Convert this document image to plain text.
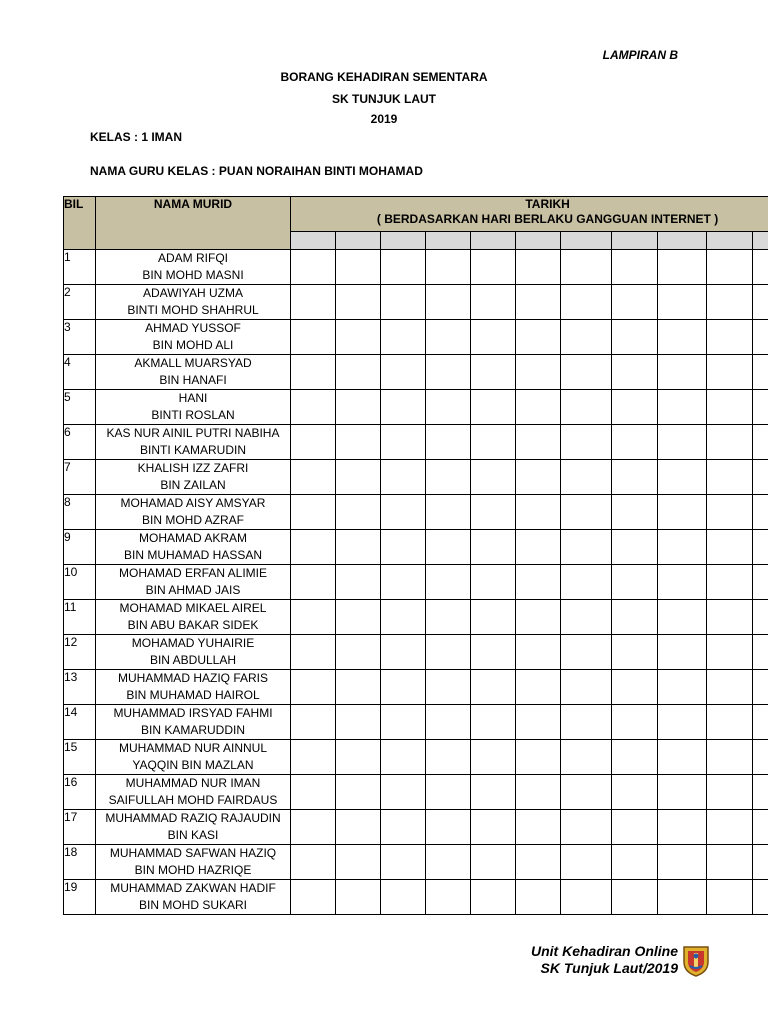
LAMPIRAN B
BORANG KEHADIRAN SEMENTARA
SK TUNJUK LAUT
2019
KELAS : 1 IMAN
NAMA GURU KELAS : PUAN NORAIHAN BINTI MOHAMAD
BIL	NAMA MURID	TARIKH
( BERDASARKAN HARI BERLAKU GANGGUAN INTERNET )										

1	ADAM RIFQI
BIN MOHD MASNI											

2	ADAWIYAH UZMA
BINTI MOHD SHAHRUL											

3	AHMAD YUSSOF
BIN MOHD ALI											

4	AKMALL MUARSYAD
BIN HANAFI											

5	HANI
BINTI ROSLAN											

6	KAS NUR AINIL PUTRI NABIHA
BINTI KAMARUDIN											

7	KHALISH IZZ ZAFRI
BIN ZAILAN											

8	MOHAMAD AISY AMSYAR
BIN MOHD AZRAF											

9	MOHAMAD AKRAM
BIN MUHAMAD HASSAN											

10	MOHAMAD ERFAN ALIMIE
BIN AHMAD JAIS											

11	MOHAMAD MIKAEL AIREL
BIN ABU BAKAR SIDEK											

12	MOHAMAD YUHAIRIE
BIN ABDULLAH											

13	MUHAMMAD HAZIQ FARIS
BIN MUHAMAD HAIROL											

14	MUHAMMAD IRSYAD FAHMI
BIN KAMARUDDIN											

15	MUHAMMAD NUR AINNUL
YAQQIN BIN MAZLAN											

16	MUHAMMAD NUR IMAN
SAIFULLAH MOHD FAIRDAUS											

17	MUHAMMAD RAZIQ RAJAUDIN
BIN KASI											

18	MUHAMMAD SAFWAN HAZIQ
BIN MOHD HAZRIQE											

19	MUHAMMAD ZAKWAN HADIF
BIN MOHD SUKARI											

Unit Kehadiran Online
SK Tunjuk Laut/2019
